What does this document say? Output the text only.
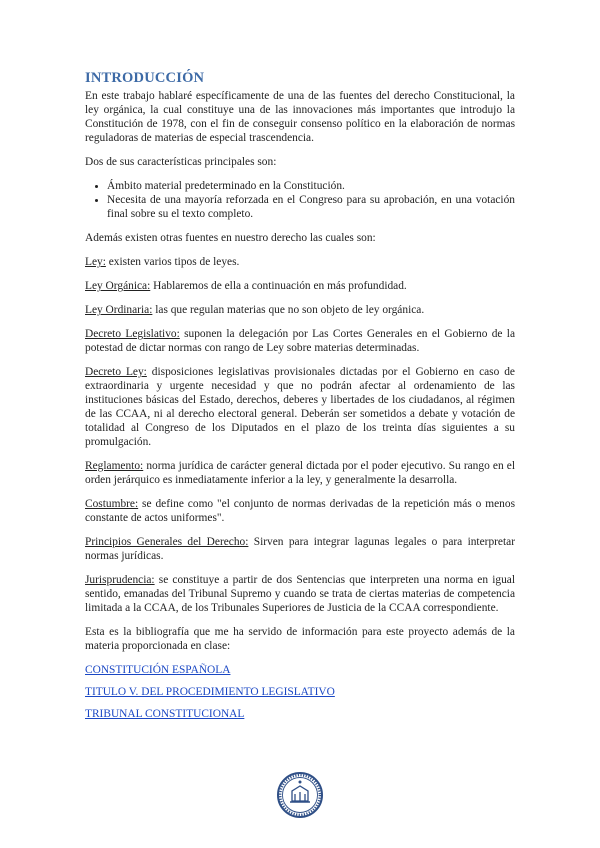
INTRODUCCIÓN

En este trabajo hablaré específicamente de una de las fuentes del derecho Constitucional, la ley orgánica, la cual constituye una de las innovaciones más importantes que introdujo la Constitución de 1978, con el fin de conseguir consenso político en la elaboración de normas reguladoras de materias de especial trascendencia.

Dos de sus características principales son:

• Ámbito material predeterminado en la Constitución.
• Necesita de una mayoría reforzada en el Congreso para su aprobación, en una votación final sobre su el texto completo.

Además existen otras fuentes en nuestro derecho las cuales son:

Ley: existen varios tipos de leyes.

Ley Orgánica: Hablaremos de ella a continuación en más profundidad.

Ley Ordinaria: las que regulan materias que no son objeto de ley orgánica.

Decreto Legislativo: suponen la delegación por Las Cortes Generales en el Gobierno de la potestad de dictar normas con rango de Ley sobre materias determinadas.

Decreto Ley: disposiciones legislativas provisionales dictadas por el Gobierno en caso de extraordinaria y urgente necesidad y que no podrán afectar al ordenamiento de las instituciones básicas del Estado, derechos, deberes y libertades de los ciudadanos, al régimen de las CCAA, ni al derecho electoral general. Deberán ser sometidos a debate y votación de totalidad al Congreso de los Diputados en el plazo de los treinta días siguientes a su promulgación.

Reglamento: norma jurídica de carácter general dictada por el poder ejecutivo. Su rango en el orden jerárquico es inmediatamente inferior a la ley, y generalmente la desarrolla.

Costumbre: se define como "el conjunto de normas derivadas de la repetición más o menos constante de actos uniformes".

Principios Generales del Derecho: Sirven para integrar lagunas legales o para interpretar normas jurídicas.

Jurisprudencia: se constituye a partir de dos Sentencias que interpreten una norma en igual sentido, emanadas del Tribunal Supremo y cuando se trata de ciertas materias de competencia limitada a la CCAA, de los Tribunales Superiores de Justicia de la CCAA correspondiente.

Esta es la bibliografía que me ha servido de información para este proyecto además de la materia proporcionada en clase:

CONSTITUCIÓN ESPAÑOLA
TITULO V. DEL PROCEDIMIENTO LEGISLATIVO
TRIBUNAL CONSTITUCIONAL
